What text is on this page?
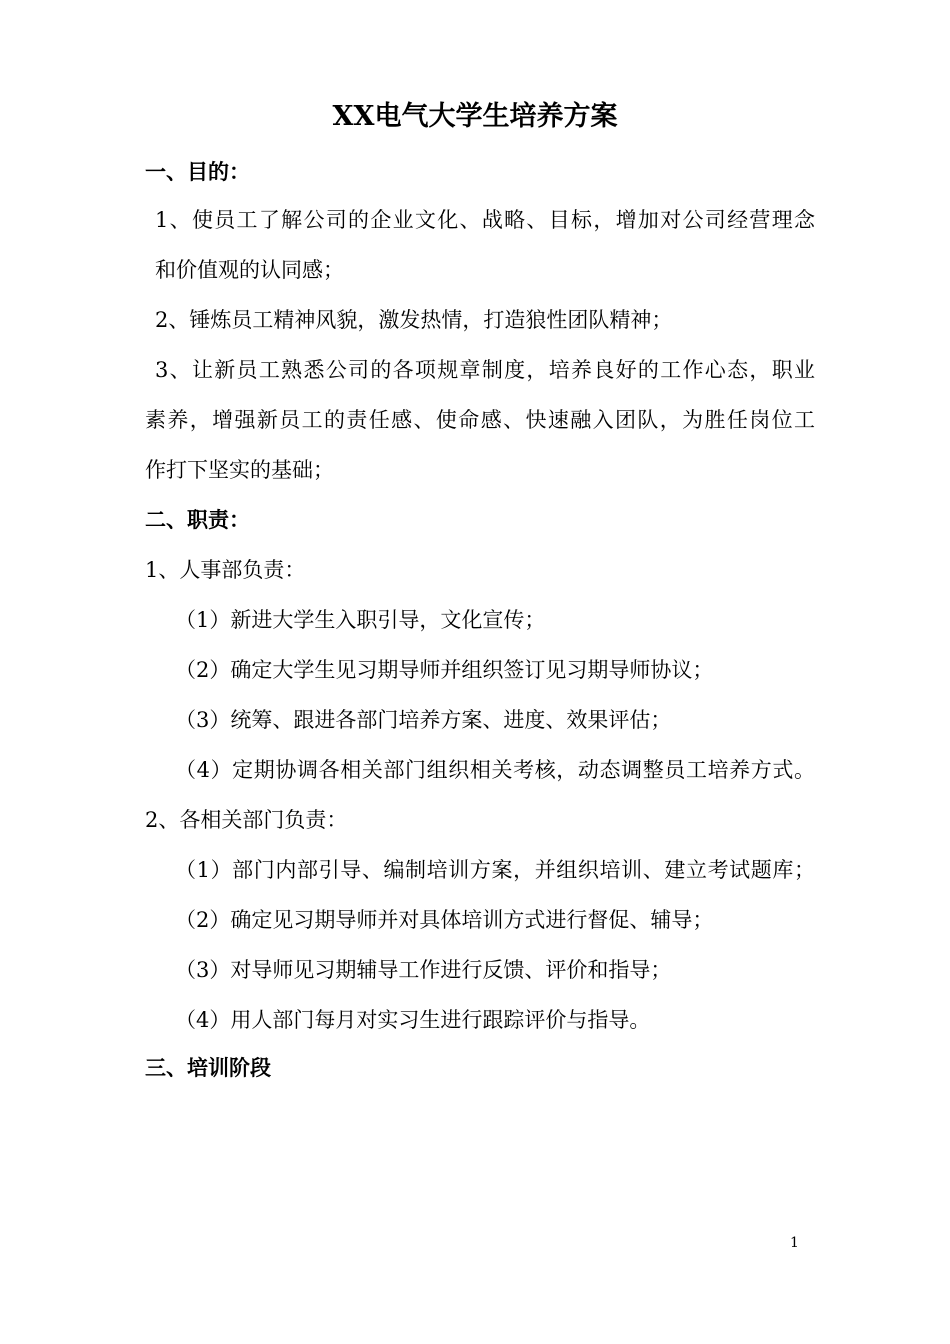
XX电气大学生培养方案
一、目的：
1、使员工了解公司的企业文化、战略、目标，增加对公司经营理念
和价值观的认同感；
2、锤炼员工精神风貌，激发热情，打造狼性团队精神；
3、让新员工熟悉公司的各项规章制度，培养良好的工作心态，职业
素养，增强新员工的责任感、使命感、快速融入团队，为胜任岗位工
作打下坚实的基础；
二、职责：
1、人事部负责：
（1）新进大学生入职引导，文化宣传；
（2）确定大学生见习期导师并组织签订见习期导师协议；
（3）统筹、跟进各部门培养方案、进度、效果评估；
（4）定期协调各相关部门组织相关考核，动态调整员工培养方式。
2、各相关部门负责：
（1）部门内部引导、编制培训方案，并组织培训、建立考试题库；
（2）确定见习期导师并对具体培训方式进行督促、辅导；
（3）对导师见习期辅导工作进行反馈、评价和指导；
（4）用人部门每月对实习生进行跟踪评价与指导。
三、培训阶段
1
